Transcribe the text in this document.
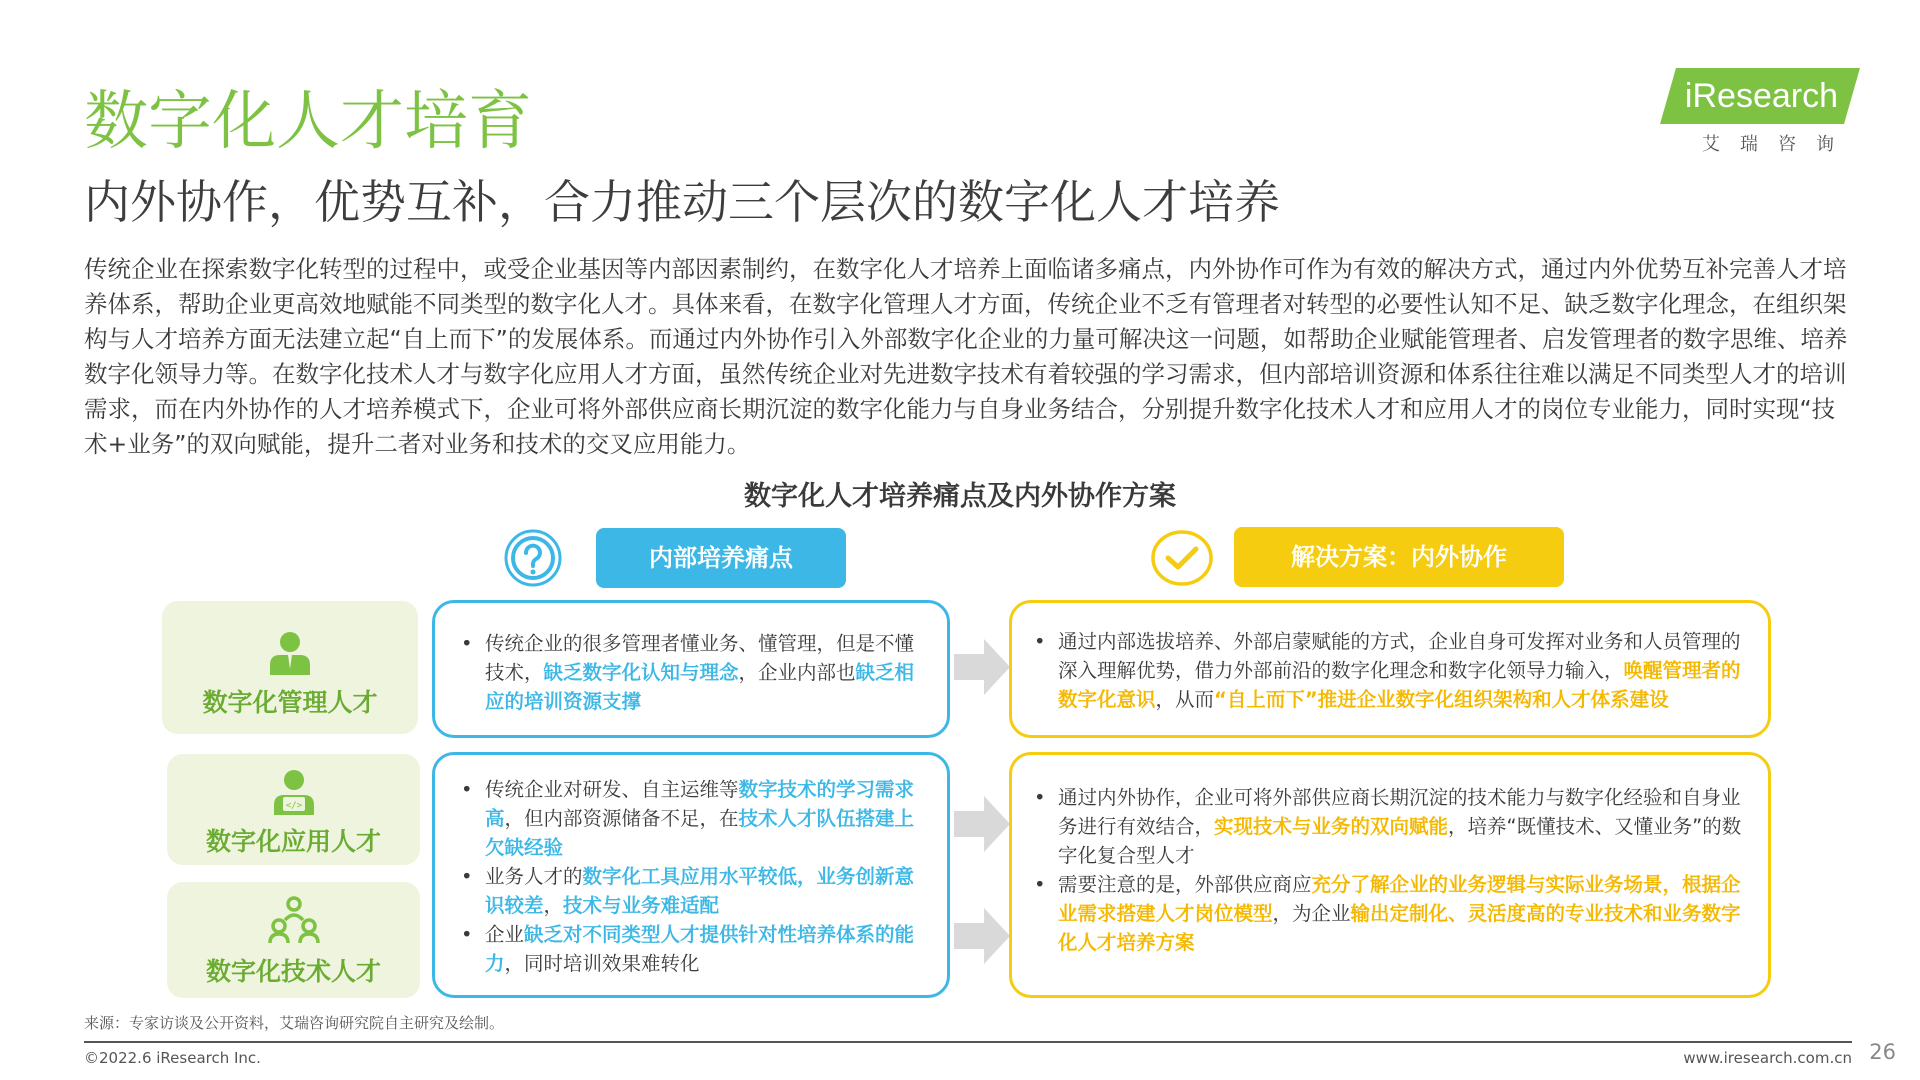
数字化人才培育
内外协作，优势互补，合力推动三个层次的数字化人才培养
iResearch
艾瑞咨询
传统企业在探索数字化转型的过程中，或受企业基因等内部因素制约，在数字化人才培养上面临诸多痛点，内外协作可作为有效的解决方式，通过内外优势互补完善人才培养体系，帮助企业更高效地赋能不同类型的数字化人才。具体来看，在数字化管理人才方面，传统企业不乏有管理者对转型的必要性认知不足、缺乏数字化理念，在组织架构与人才培养方面无法建立起“自上而下”的发展体系。而通过内外协作引入外部数字化企业的力量可解决这一问题，如帮助企业赋能管理者、启发管理者的数字思维、培养数字化领导力等。在数字化技术人才与数字化应用人才方面，虽然传统企业对先进数字技术有着较强的学习需求，但内部培训资源和体系往往难以满足不同类型人才的培训需求，而在内外协作的人才培养模式下，企业可将外部供应商长期沉淀的数字化能力与自身业务结合，分别提升数字化技术人才和应用人才的岗位专业能力，同时实现“技术+业务”的双向赋能，提升二者对业务和技术的交叉应用能力。
数字化人才培养痛点及内外协作方案
内部培养痛点	解决方案：内外协作
数字化管理人才
</>
数字化应用人才
数字化技术人才
• 传统企业的很多管理者懂业务、懂管理，但是不懂技术，缺乏数字化认知与理念，企业内部也缺乏相应的培训资源支撑
• 传统企业对研发、自主运维等数字技术的学习需求高，但内部资源储备不足，在技术人才队伍搭建上欠缺经验
• 业务人才的数字化工具应用水平较低，业务创新意识较差，技术与业务难适配
• 企业缺乏对不同类型人才提供针对性培养体系的能力，同时培训效果难转化
• 通过内部选拔培养、外部启蒙赋能的方式，企业自身可发挥对业务和人员管理的深入理解优势，借力外部前沿的数字化理念和数字化领导力输入，唤醒管理者的数字化意识，从而“自上而下”推进企业数字化组织架构和人才体系建设
• 通过内外协作，企业可将外部供应商长期沉淀的技术能力与数字化经验和自身业务进行有效结合，实现技术与业务的双向赋能，培养“既懂技术、又懂业务”的数字化复合型人才
• 需要注意的是，外部供应商应充分了解企业的业务逻辑与实际业务场景，根据企业需求搭建人才岗位模型，为企业输出定制化、灵活度高的专业技术和业务数字化人才培养方案
来源：专家访谈及公开资料，艾瑞咨询研究院自主研究及绘制。
©2022.6 iResearch Inc.	www.iresearch.com.cn 26
